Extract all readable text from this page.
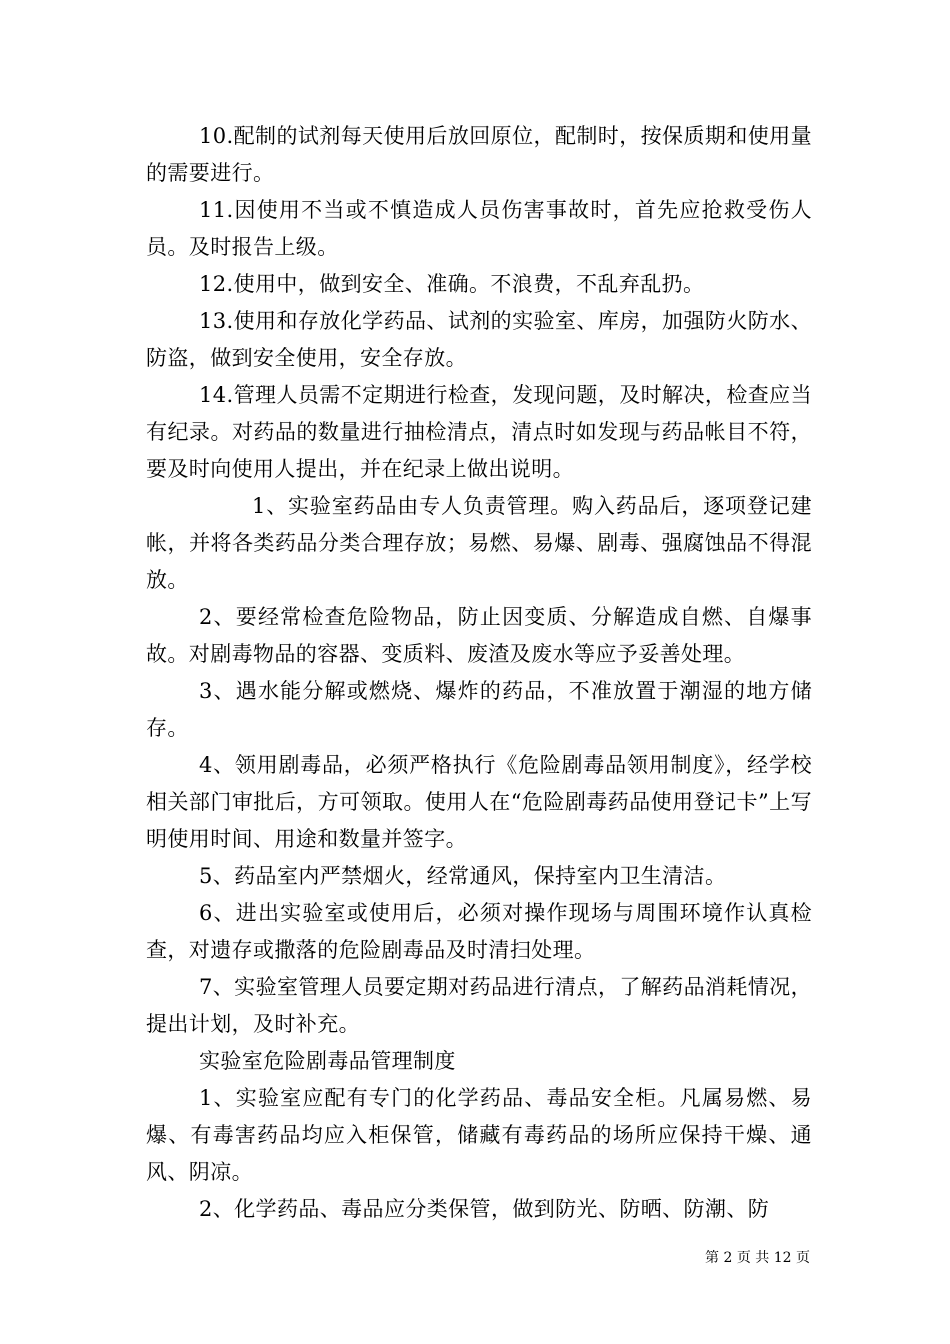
10.配制的试剂每天使用后放回原位，配制时，按保质期和使用量的需要进行。

11.因使用不当或不慎造成人员伤害事故时，首先应抢救受伤人员。及时报告上级。

12.使用中，做到安全、准确。不浪费，不乱弃乱扔。

13.使用和存放化学药品、试剂的实验室、库房，加强防火防水、防盗，做到安全使用，安全存放。

14.管理人员需不定期进行检查，发现问题，及时解决，检查应当有纪录。对药品的数量进行抽检清点，清点时如发现与药品帐目不符，要及时向使用人提出，并在纪录上做出说明。

1、实验室药品由专人负责管理。购入药品后，逐项登记建帐，并将各类药品分类合理存放；易燃、易爆、剧毒、强腐蚀品不得混放。

2、要经常检查危险物品，防止因变质、分解造成自燃、自爆事故。对剧毒物品的容器、变质料、废渣及废水等应予妥善处理。

3、遇水能分解或燃烧、爆炸的药品，不准放置于潮湿的地方储存。

4、领用剧毒品，必须严格执行《危险剧毒品领用制度》，经学校相关部门审批后，方可领取。使用人在“危险剧毒药品使用登记卡”上写明使用时间、用途和数量并签字。

5、药品室内严禁烟火，经常通风，保持室内卫生清洁。

6、进出实验室或使用后，必须对操作现场与周围环境作认真检查，对遗存或撒落的危险剧毒品及时清扫处理。

7、实验室管理人员要定期对药品进行清点，了解药品消耗情况，提出计划，及时补充。

实验室危险剧毒品管理制度

1、实验室应配有专门的化学药品、毒品安全柜。凡属易燃、易爆、有毒害药品均应入柜保管，储藏有毒药品的场所应保持干燥、通风、阴凉。

2、化学药品、毒品应分类保管，做到防光、防晒、防潮、防

第 2 页 共 12 页
